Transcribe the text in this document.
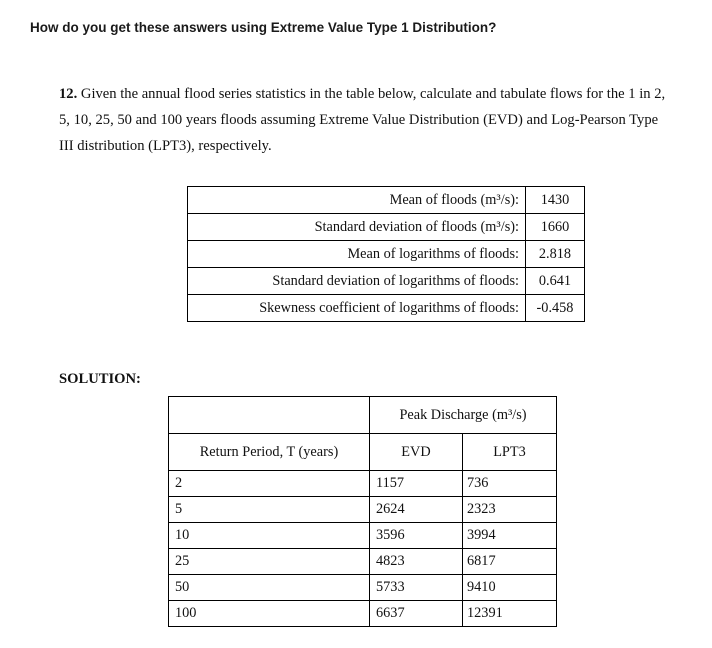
How do you get these answers using Extreme Value Type 1 Distribution?
12. Given the annual flood series statistics in the table below, calculate and tabulate flows for the 1 in 2, 5, 10, 25, 50 and 100 years floods assuming Extreme Value Distribution (EVD) and Log-Pearson Type III distribution (LPT3), respectively.
Mean of floods (m³/s):	1430
Standard deviation of floods (m³/s):	1660
Mean of logarithms of floods:	2.818
Standard deviation of logarithms of floods:	0.641
Skewness coefficient of logarithms of floods:	-0.458
SOLUTION:
	Peak Discharge (m³/s)	
Return Period, T (years)	EVD	LPT3
2	1157	736
5	2624	2323
10	3596	3994
25	4823	6817
50	5733	9410
100	6637	12391
